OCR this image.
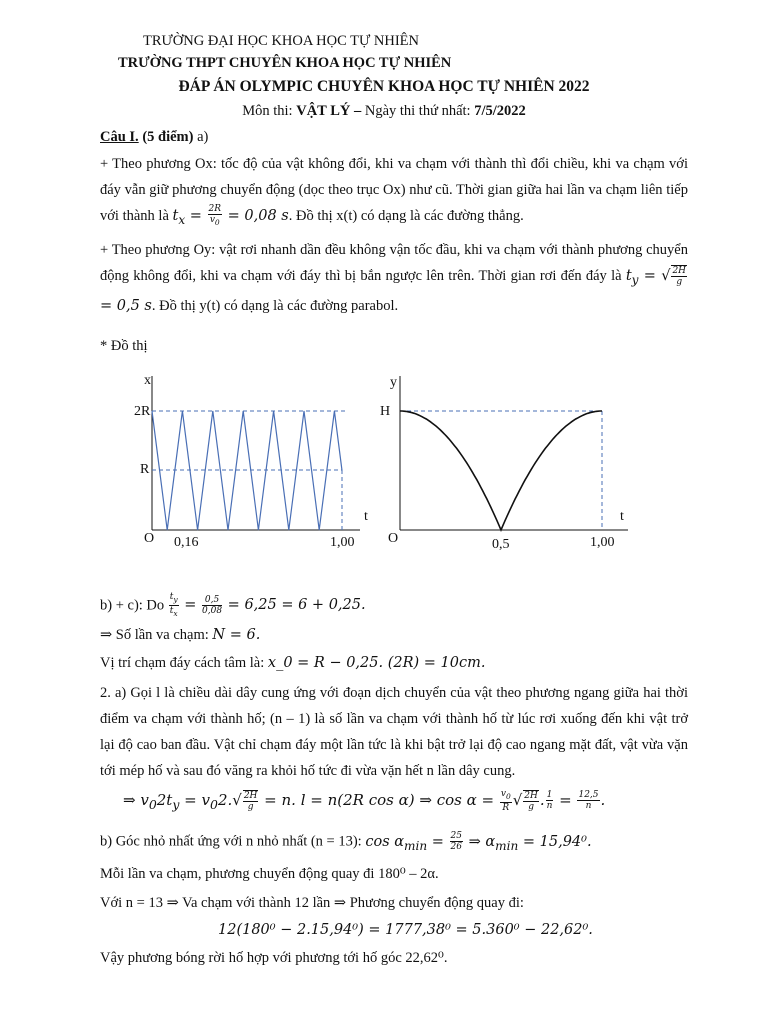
TRƯỜNG ĐẠI HỌC KHOA HỌC TỰ NHIÊN
TRƯỜNG THPT CHUYÊN KHOA HỌC TỰ NHIÊN
ĐÁP ÁN OLYMPIC CHUYÊN KHOA HỌC TỰ NHIÊN 2022
Môn thi: VẬT LÝ – Ngày thi thứ nhất: 7/5/2022
Câu I. (5 điểm) a)
+ Theo phương Ox: tốc độ của vật không đổi, khi va chạm với thành thì đổi chiều, khi va chạm với đáy vẫn giữ phương chuyển động (dọc theo trục Ox) như cũ. Thời gian giữa hai lần va chạm liên tiếp với thành là $t_x = \frac{2R}{v_0} = 0,08$ s. Đồ thị x(t) có dạng là các đường thẳng.
+ Theo phương Oy: vật rơi nhanh dần đều không vận tốc đầu, khi va chạm với thành phương chuyển động không đổi, khi va chạm với đáy thì bị bắn ngược lên trên. Thời gian rơi đến đáy là $t_y$ = √ $\frac{2H}{g}$
= 0,5 s. Đồ thị y(t) có dạng là các đường parabol.
* Đồ thị
x
t
O
2R
R
0,16	1,00
y
t
O
H
0,5	1,00
b) + c): Do $\frac{t_y}{t_x} = \frac{0,5}{0,08} = 6,25 = 6 + 0,25$.
⇒ Số lần va chạm: N = 6.
Vị trí chạm đáy cách tâm là: x_0 = R − 0,25. (2R) = 10cm.
2. a) Gọi l là chiều dài dây cung ứng với đoạn dịch chuyển của vật theo phương ngang giữa hai thời điểm va chạm với thành hố; (n – 1) là số lần va chạm với thành hố từ lúc rơi xuống đến khi vật trở lại độ cao ban đầu. Vật chỉ chạm đáy một lần tức là khi bật trở lại độ cao ngang mặt đất, vật vừa vặn tới mép hố và sau đó văng ra khỏi hố tức đi vừa vặn hết n lần dây cung.
⇒ $v_02t_y = v_02.√ \frac{2H}{g} = n$. l = n(2R cos α) ⇒ $\cos \alpha = \frac{v_0}{R}$ √ $\frac{2H}{g}$ . $\frac{1}{n} = \frac{12,5}{n}$ .
b) Góc nhỏ nhất ứng với n nhỏ nhất (n = 13): $\cos \alpha_{min} = \frac{25}{26}$ ⇒ $\alpha_{min} = 15,94^0$.
Mỗi lần va chạm, phương chuyển động quay đi 180⁰ – 2α.
Với n = 13 ⇒ Va chạm với thành 12 lần ⇒ Phương chuyển động quay đi:
12(180⁰ − 2.15,94⁰) = 1777,38⁰ = 5.360⁰ − 22,62⁰.
Vậy phương bóng rời hố hợp với phương tới hố góc 22,62⁰.
